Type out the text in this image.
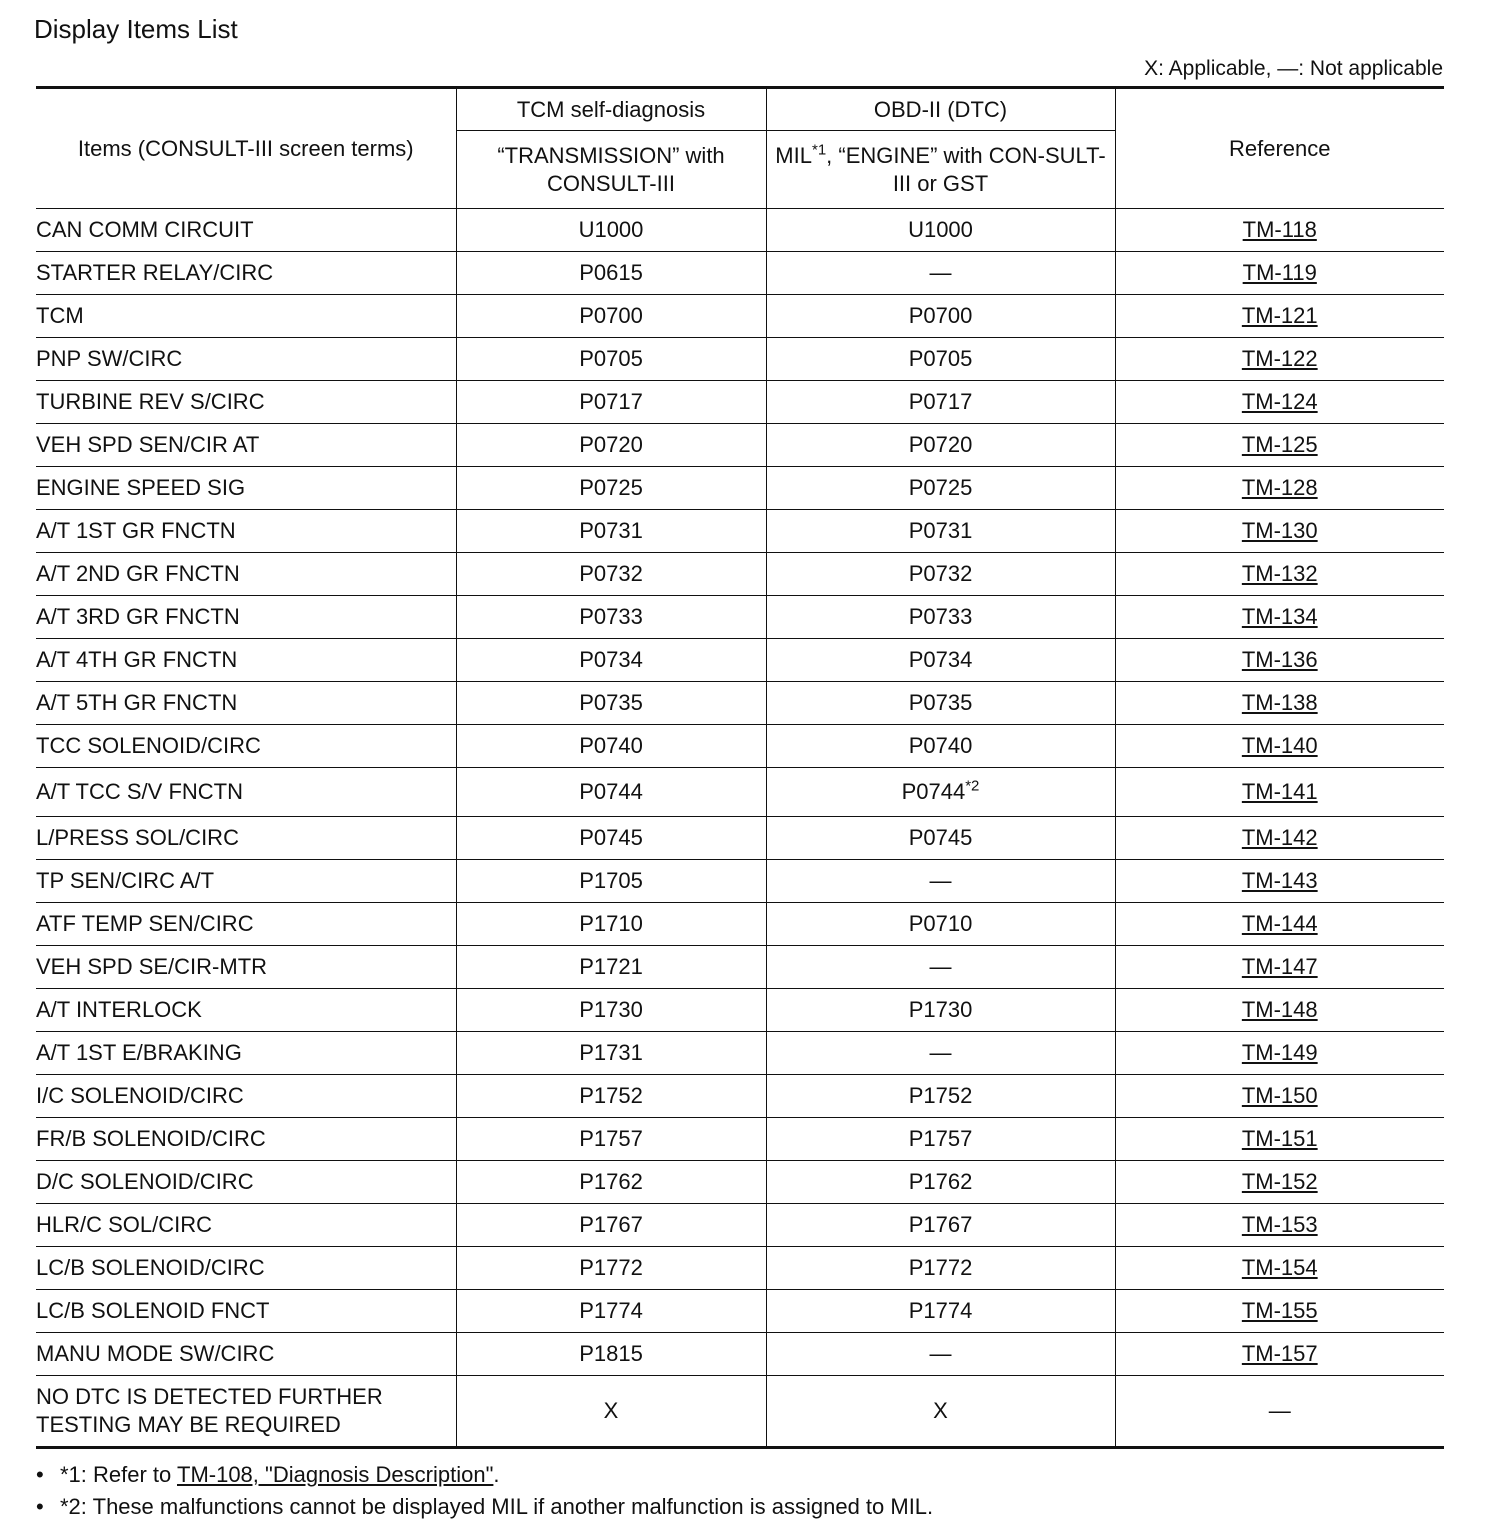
Display Items List
X: Applicable, —: Not applicable
Items (CONSULT-III screen terms)	TCM self-diagnosis	OBD-II (DTC)	Reference
	“TRANSMISSION” with CONSULT-III	MIL$^{*1}$, “ENGINE” with CON-SULT-III or GST	
CAN COMM CIRCUIT	U1000	U1000	TM-118
STARTER RELAY/CIRC	P0615	—	TM-119
TCM	P0700	P0700	TM-121
PNP SW/CIRC	P0705	P0705	TM-122
TURBINE REV S/CIRC	P0717	P0717	TM-124
VEH SPD SEN/CIR AT	P0720	P0720	TM-125
ENGINE SPEED SIG	P0725	P0725	TM-128
A/T 1ST GR FNCTN	P0731	P0731	TM-130
A/T 2ND GR FNCTN	P0732	P0732	TM-132
A/T 3RD GR FNCTN	P0733	P0733	TM-134
A/T 4TH GR FNCTN	P0734	P0734	TM-136
A/T 5TH GR FNCTN	P0735	P0735	TM-138
TCC SOLENOID/CIRC	P0740	P0740	TM-140
A/T TCC S/V FNCTN	P0744	P0744$^{*2}$	TM-141
L/PRESS SOL/CIRC	P0745	P0745	TM-142
TP SEN/CIRC A/T	P1705	—	TM-143
ATF TEMP SEN/CIRC	P1710	P0710	TM-144
VEH SPD SE/CIR-MTR	P1721	—	TM-147
A/T INTERLOCK	P1730	P1730	TM-148
A/T 1ST E/BRAKING	P1731	—	TM-149
I/C SOLENOID/CIRC	P1752	P1752	TM-150
FR/B SOLENOID/CIRC	P1757	P1757	TM-151
D/C SOLENOID/CIRC	P1762	P1762	TM-152
HLR/C SOL/CIRC	P1767	P1767	TM-153
LC/B SOLENOID/CIRC	P1772	P1772	TM-154
LC/B SOLENOID FNCT	P1774	P1774	TM-155
MANU MODE SW/CIRC	P1815	—	TM-157
NO DTC IS DETECTED FURTHER TESTING MAY BE REQUIRED	X	X	—
• *1: Refer to TM-108, "Diagnosis Description".
• *2: These malfunctions cannot be displayed MIL if another malfunction is assigned to MIL.
